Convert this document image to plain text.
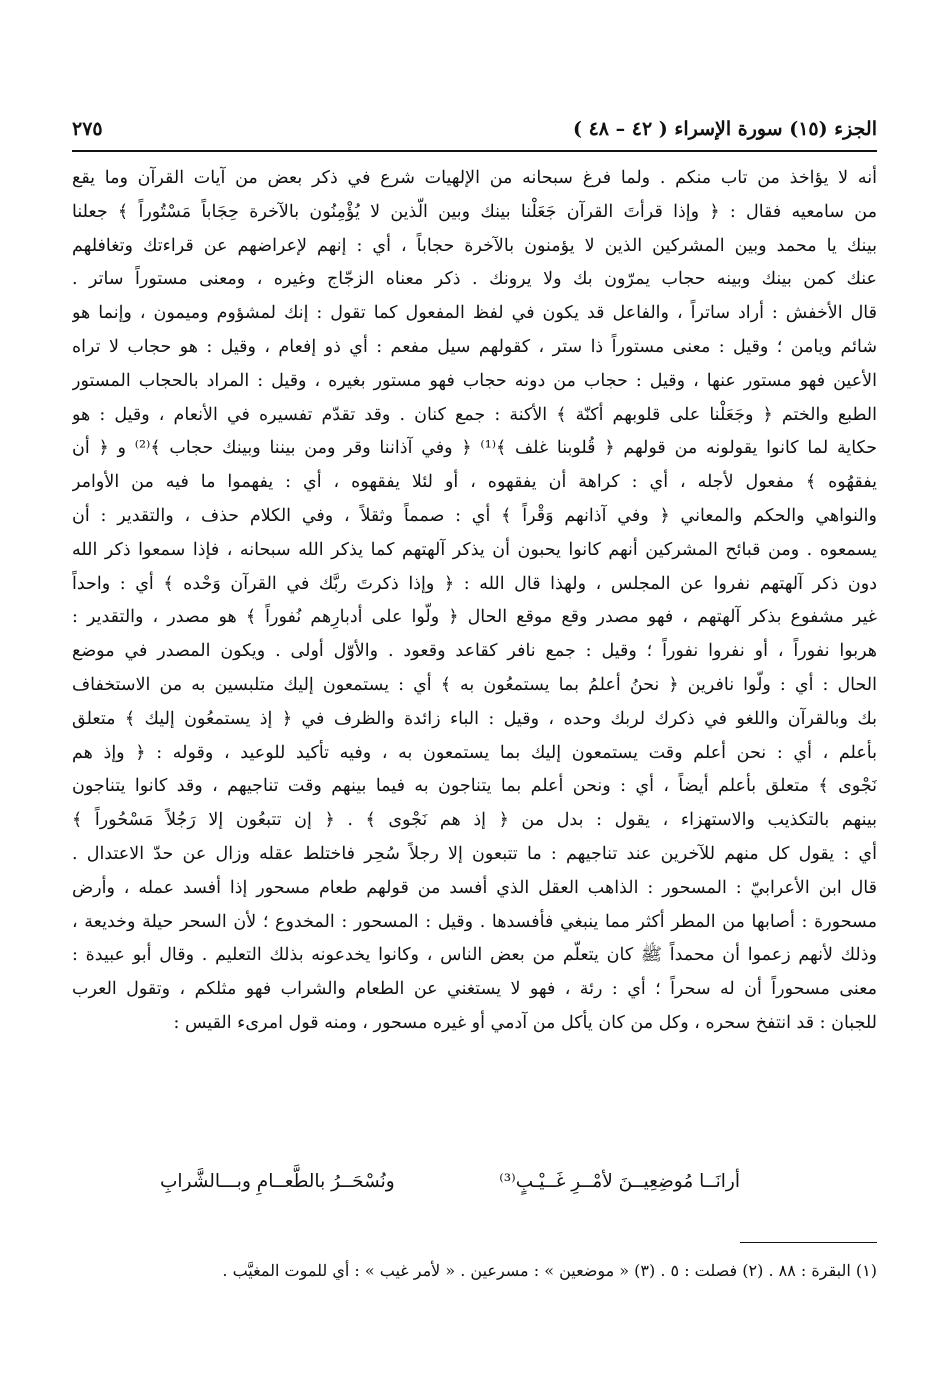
الجزء (١٥) سورة الإسراء ( ٤٢ – ٤٨ )
٢٧٥
أنه لا يؤاخذ من تاب منكم . ولما فرغ سبحانه من الإلهيات شرع في ذكر بعض من آيات القرآن وما يقع
من سامعيه فقال : ﴿ وإذا قرأتَ القرآن جَعَلْنا بينك وبين الّذين لا يُؤْمِنُون بالآخرة حِجَاباً مَسْتُوراً ﴾ جعلنا
بينك يا محمد وبين المشركين الذين لا يؤمنون بالآخرة حجاباً ، أي : إنهم لإعراضهم عن قراءتك وتغافلهم
عنك كمن بينك وبينه حجاب يمرّون بك ولا يرونك . ذكر معناه الزجّاج وغيره ، ومعنى مستوراً ساتر .
قال الأخفش : أراد ساتراً ، والفاعل قد يكون في لفظ المفعول كما تقول : إنك لمشؤوم وميمون ، وإنما هو
شائم ويامن ؛ وقيل : معنى مستوراً ذا ستر ، كقولهم سيل مفعم : أي ذو إفعام ، وقيل : هو حجاب لا تراه
الأعين فهو مستور عنها ، وقيل : حجاب من دونه حجاب فهو مستور بغيره ، وقيل : المراد بالحجاب المستور
الطبع والختم ﴿ وجَعَلْنا على قلوبهم أكنّة ﴾ الأكنة : جمع كنان . وقد تقدّم تفسيره في الأنعام ، وقيل : هو
حكاية لما كانوا يقولونه من قولهم ﴿ قُلوبنا غلف ﴾⁽¹⁾ ﴿ وفي آذاننا وقر ومن بيننا وبينك حجاب ﴾⁽²⁾ و ﴿ أن
يفقهُوه ﴾ مفعول لأجله ، أي : كراهة أن يفقهوه ، أو لئلا يفقهوه ، أي : يفهموا ما فيه من الأوامر
والنواهي والحكم والمعاني ﴿ وفي آذانهم وَقْراً ﴾ أي : صمماً وثقلاً ، وفي الكلام حذف ، والتقدير : أن
يسمعوه . ومن قبائح المشركين أنهم كانوا يحبون أن يذكر آلهتهم كما يذكر الله سبحانه ، فإذا سمعوا ذكر الله
دون ذكر آلهتهم نفروا عن المجلس ، ولهذا قال الله : ﴿ وإذا ذكرتَ ربَّك في القرآن وَحْده ﴾ أي : واحداً
غير مشفوع بذكر آلهتهم ، فهو مصدر وقع موقع الحال ﴿ ولّوا على أدبارِهم نُفوراً ﴾ هو مصدر ، والتقدير :
هربوا نفوراً ، أو نفروا نفوراً ؛ وقيل : جمع نافر كقاعد وقعود . والأوّل أولى . ويكون المصدر في موضع
الحال : أي : ولّوا نافرين ﴿ نحنُ أعلمُ بما يستمعُون به ﴾ أي : يستمعون إليك متلبسين به من الاستخفاف
بك وبالقرآن واللغو في ذكرك لربك وحده ، وقيل : الباء زائدة والظرف في ﴿ إذ يستمعُون إليك ﴾ متعلق
بأعلم ، أي : نحن أعلم وقت يستمعون إليك بما يستمعون به ، وفيه تأكيد للوعيد ، وقوله : ﴿ وإذ هم
نَجْوى ﴾ متعلق بأعلم أيضاً ، أي : ونحن أعلم بما يتناجون به فيما بينهم وقت تناجيهم ، وقد كانوا يتناجون
بينهم بالتكذيب والاستهزاء ، يقول : بدل من ﴿ إذ هم نَجْوى ﴾ . ﴿ إن تتبعُون إلا رَجُلاً مَسْحُوراً ﴾
أي : يقول كل منهم للآخرين عند تناجيهم : ما تتبعون إلا رجلاً سُحِر فاختلط عقله وزال عن حدّ الاعتدال .
قال ابن الأعرابيّ : المسحور : الذاهب العقل الذي أفسد من قولهم طعام مسحور إذا أفسد عمله ، وأرض
مسحورة : أصابها من المطر أكثر مما ينبغي فأفسدها . وقيل : المسحور : المخدوع ؛ لأن السحر حيلة وخديعة ،
وذلك لأنهم زعموا أن محمداً ﷺ كان يتعلّم من بعض الناس ، وكانوا يخدعونه بذلك التعليم . وقال أبو عبيدة :
معنى مسحوراً أن له سحراً ؛ أي : رئة ، فهو لا يستغني عن الطعام والشراب فهو مثلكم ، وتقول العرب
للجبان : قد انتفخ سحره ، وكل من كان يأكل من آدمي أو غيره مسحور ، ومنه قول امرىء القيس :
أرانَــا مُوضِعِيــنَ لأمْــرِ غَــيْـبٍ⁽³⁾
ونُسْحَــرُ بالطَّعــامِ وبـــالشَّرابِ
(١) البقرة : ٨٨ . (٢) فصلت : ٥ . (٣) « موضعين » : مسرعين . « لأمر غيب » : أي للموت المغيَّب .
